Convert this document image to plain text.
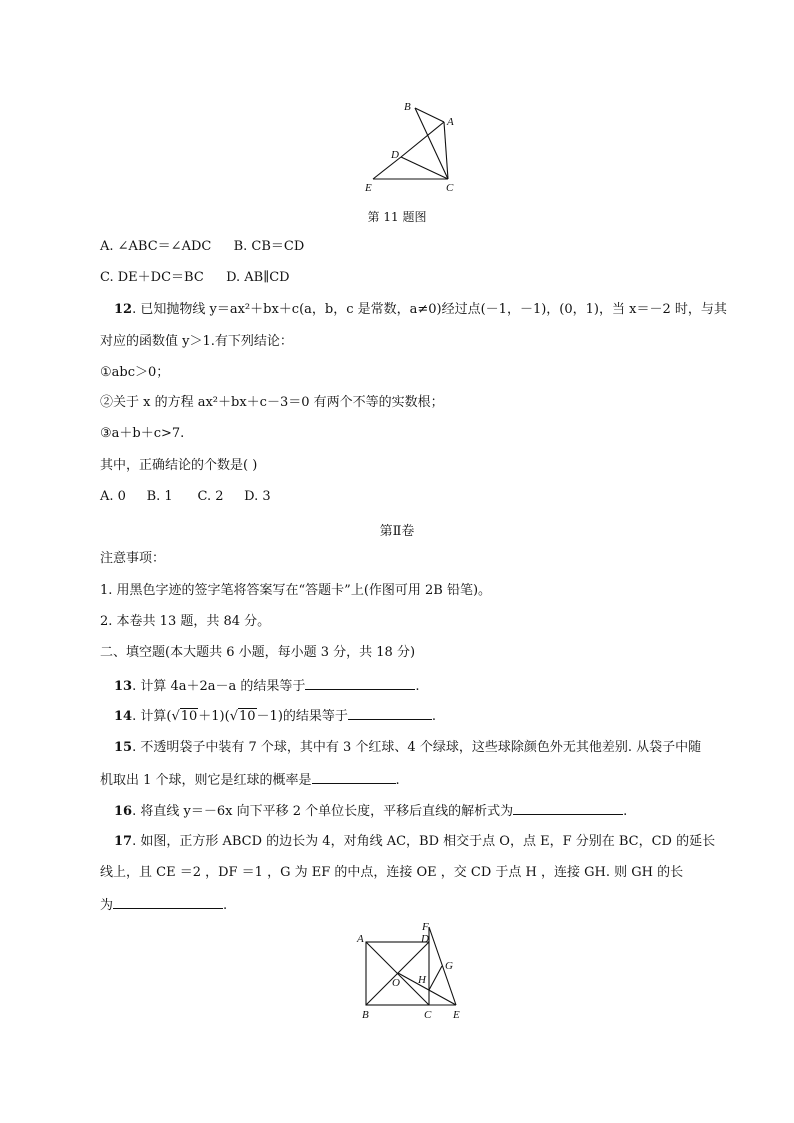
B
A
D
E	C
第 11 题图
A. ∠ABC＝∠ADC B. CB＝CD
C. DE＋DC＝BC D. AB∥CD
12. 已知抛物线 y＝ax²＋bx＋c(a，b，c 是常数，a≠0)经过点(－1，－1)，(0，1)，当 x＝－2 时，与其
对应的函数值 y＞1.有下列结论：
①abc＞0；
②关于 x 的方程 ax²＋bx＋c－3＝0 有两个不等的实数根；
③a＋b＋c>7.
其中，正确结论的个数是( )
A. 0     B. 1      C. 2     D. 3
第Ⅱ卷
注意事项：
1. 用黑色字迹的签字笔将答案写在“答题卡”上(作图可用 2B 铅笔)。
2. 本卷共 13 题，共 84 分。
二、填空题(本大题共 6 小题，每小题 3 分，共 18 分)
13. 计算 4a＋2a－a 的结果等于	.
14. 计算(√10＋1)(√10－1)的结果等于	.
15. 不透明袋子中装有 7 个球，其中有 3 个红球、4 个绿球，这些球除颜色外无其他差别. 从袋子中随
机取出 1 个球，则它是红球的概率是	.
16. 将直线 y＝－6x 向下平移 2 个单位长度，平移后直线的解析式为	.
17. 如图，正方形 ABCD 的边长为 4，对角线 AC，BD 相交于点 O，点 E，F 分别在 BC，CD 的延长
线上，且 CE ＝2 ，DF ＝1 ，G 为 EF 的中点，连接 OE ，交 CD 于点 H ，连接 GH. 则 GH 的长
为	.
A
F
D
G
H
O
B	C E
